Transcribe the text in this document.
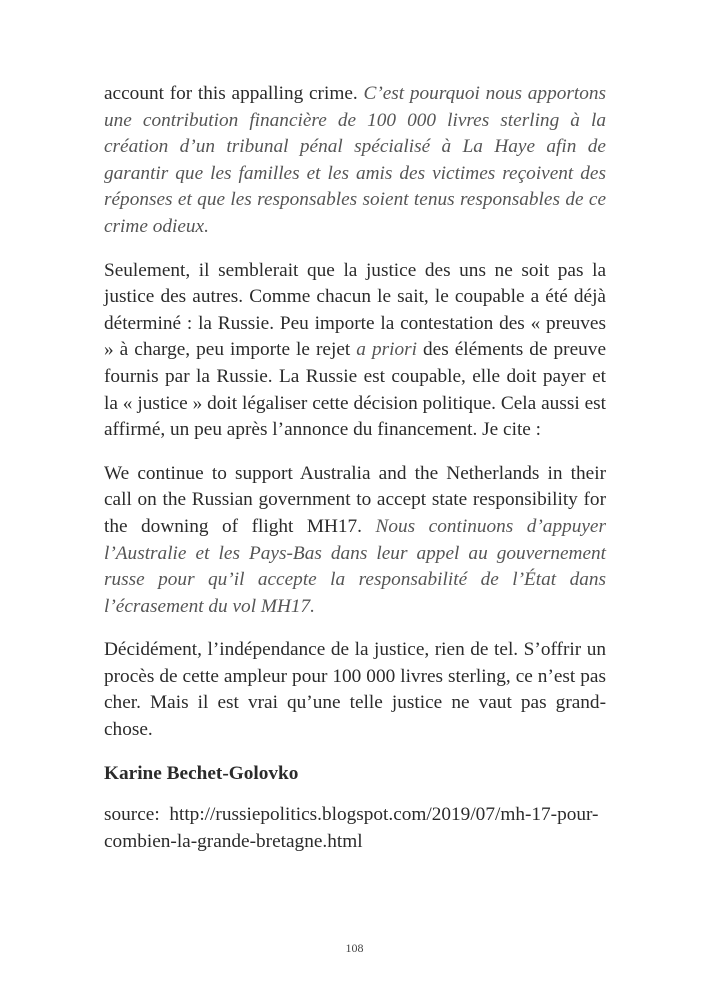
account for this appalling crime. C’est pourquoi nous apportons une contribution financière de 100 000 livres sterling à la création d’un tribunal pénal spécialisé à La Haye afin de garantir que les familles et les amis des victimes reçoivent des réponses et que les responsables soient tenus responsables de ce crime odieux.

Seulement, il semblerait que la justice des uns ne soit pas la justice des autres. Comme chacun le sait, le coupable a été déjà déterminé : la Russie. Peu importe la contestation des « preuves » à charge, peu importe le rejet a priori des éléments de preuve fournis par la Russie. La Russie est coupable, elle doit payer et la « justice » doit légaliser cette décision politique. Cela aussi est affirmé, un peu après l’annonce du financement. Je cite :

We continue to support Australia and the Netherlands in their call on the Russian government to accept state responsibility for the downing of flight MH17. Nous continuons d’appuyer l’Australie et les Pays-Bas dans leur appel au gouvernement russe pour qu’il accepte la responsabilité de l’État dans l’écrasement du vol MH17.

Décidément, l’indépendance de la justice, rien de tel. S’offrir un procès de cette ampleur pour 100 000 livres sterling, ce n’est pas cher. Mais il est vrai qu’une telle justice ne vaut pas grand-chose.

Karine Bechet-Golovko

source: http://russiepolitics.blogspot.com/2019/07/mh-17-pour-combien-la-grande-bretagne.html

108
